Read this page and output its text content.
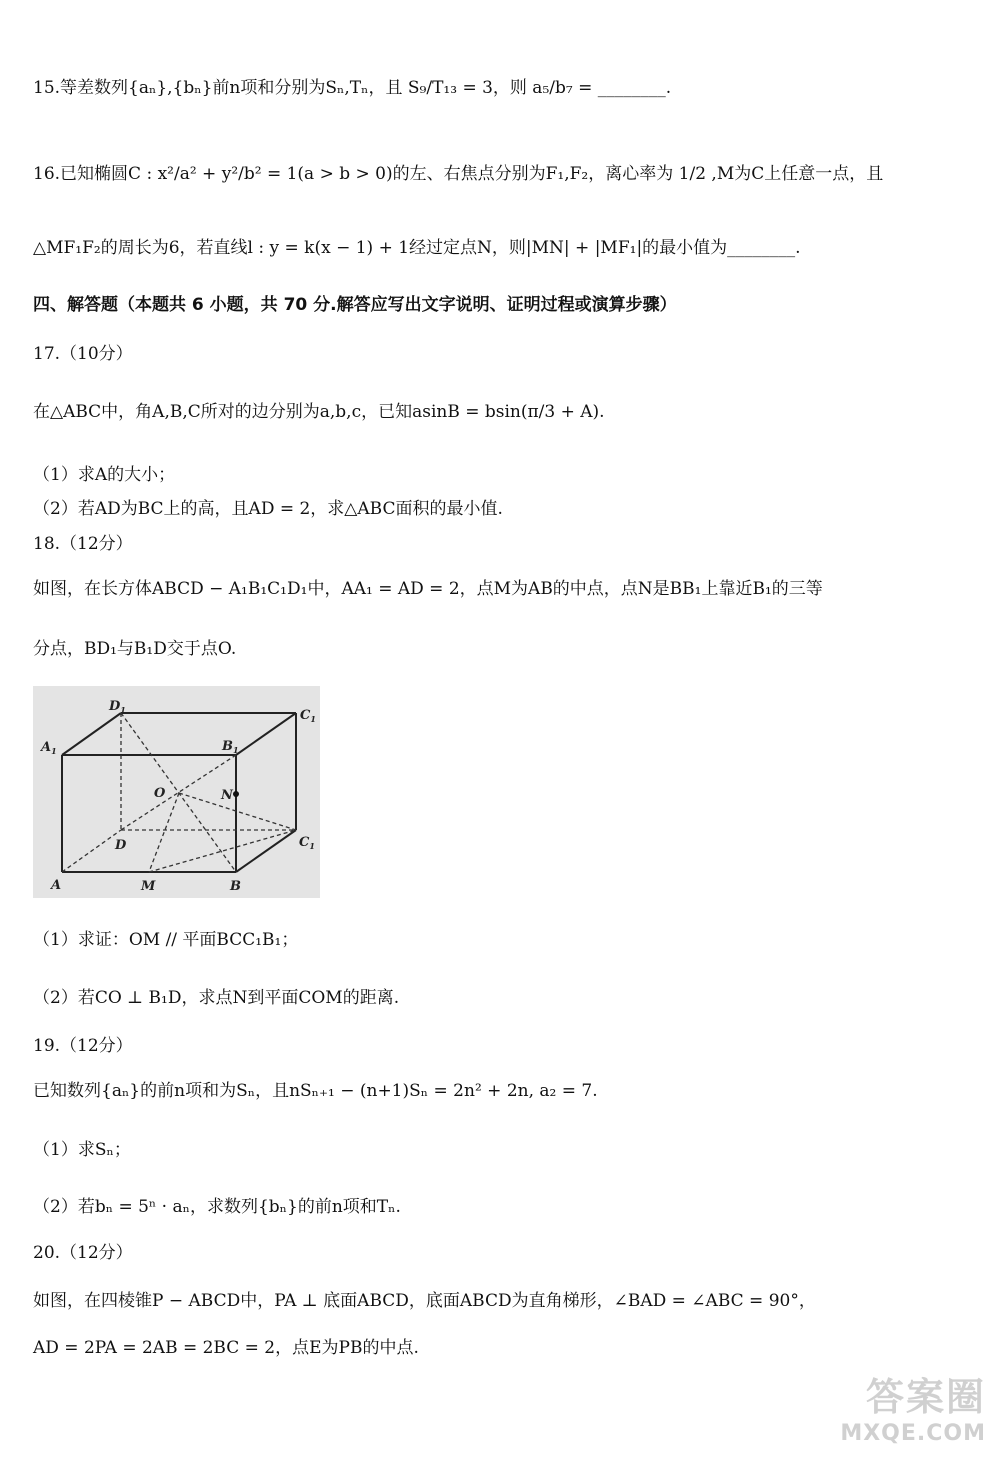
15.等差数列{aₙ},{bₙ}前n项和分别为Sₙ,Tₙ，且 S₉/T₁₃ = 3，则 a₅/b₇ = ________.
16.已知椭圆C : x²/a² + y²/b² = 1(a > b > 0)的左、右焦点分别为F₁,F₂，离心率为 1/2 ,M为C上任意一点，且
△MF₁F₂的周长为6，若直线l : y = k(x − 1) + 1经过定点N，则|MN| + |MF₁|的最小值为________.
四、解答题（本题共 6 小题，共 70 分.解答应写出文字说明、证明过程或演算步骤）
17.（10分）
在△ABC中，角A,B,C所对的边分别为a,b,c，已知asinB = bsin(π/3 + A).
（1）求A的大小；
（2）若AD为BC上的高，且AD = 2，求△ABC面积的最小值.
18.（12分）
如图，在长方体ABCD − A₁B₁C₁D₁中，AA₁ = AD = 2，点M为AB的中点，点N是BB₁上靠近B₁的三等
分点，BD₁与B₁D交于点O.
（1）求证：OM // 平面BCC₁B₁；
（2）若CO ⊥ B₁D，求点N到平面COM的距离.
19.（12分）
已知数列{aₙ}的前n项和为Sₙ，且nSₙ₊₁ − (n+1)Sₙ = 2n² + 2n, a₂ = 7.
（1）求Sₙ；
（2）若bₙ = 5ⁿ · aₙ，求数列{bₙ}的前n项和Tₙ.
20.（12分）
如图，在四棱锥P − ABCD中，PA ⊥ 底面ABCD，底面ABCD为直角梯形，∠BAD = ∠ABC = 90°，
AD = 2PA = 2AB = 2BC = 2，点E为PB的中点.
$D_1$	$C_1$
$A_1$	$B_1$
O	N
D	$C_1$
A	M	B
答案圈
MXQE.COM
